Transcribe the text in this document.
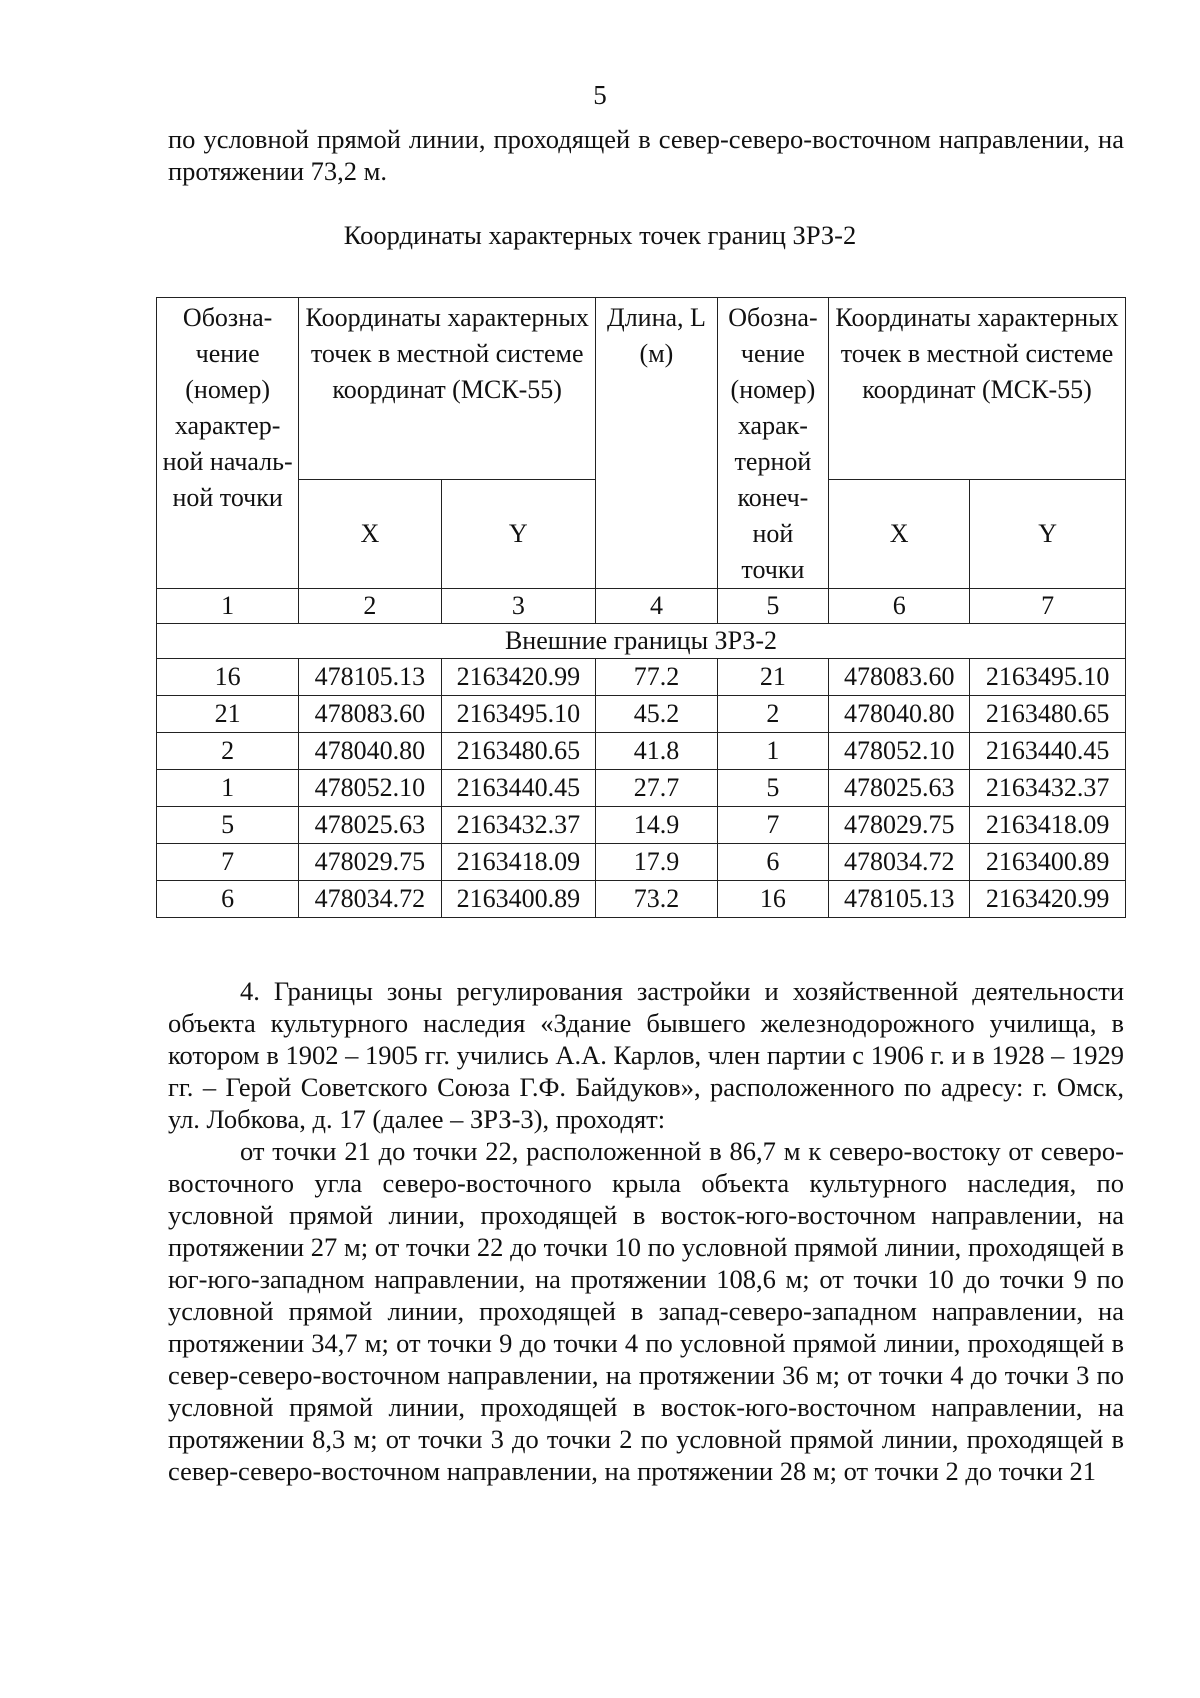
5

по условной прямой линии, проходящей в север-северо-восточном направлении, на протяжении 73,2 м.

Координаты характерных точек границ ЗРЗ-2
Обозна-чение (номер) характер-ной началь-ной точки	Координаты характерных точек в местной системе координат (МСК-55)		Длина, L (м)	Обозна-чение (номер) харак-терной конеч-ной точки	Координаты характерных точек в местной системе координат (МСК-55)	
	X	Y			X	Y
1	2	3	4	5	6	7
Внешние границы ЗРЗ-2						
16	478105.13	2163420.99	77.2	21	478083.60	2163495.10
21	478083.60	2163495.10	45.2	2	478040.80	2163480.65
2	478040.80	2163480.65	41.8	1	478052.10	2163440.45
1	478052.10	2163440.45	27.7	5	478025.63	2163432.37
5	478025.63	2163432.37	14.9	7	478029.75	2163418.09
7	478029.75	2163418.09	17.9	6	478034.72	2163400.89
6	478034.72	2163400.89	73.2	16	478105.13	2163420.99
4. Границы зоны регулирования застройки и хозяйственной деятельности объекта культурного наследия «Здание бывшего железнодорожного училища, в котором в 1902 – 1905 гг. учились А.А. Карлов, член партии с 1906 г. и в 1928 – 1929 гг. – Герой Советского Союза Г.Ф. Байдуков», расположенного по адресу: г. Омск, ул. Лобкова, д. 17 (далее – ЗРЗ-3), проходят:
от точки 21 до точки 22, расположенной в 86,7 м к северо-востоку от северо-восточного угла северо-восточного крыла объекта культурного наследия, по условной прямой линии, проходящей в восток-юго-восточном направлении, на протяжении 27 м; от точки 22 до точки 10 по условной прямой линии, проходящей в юг-юго-западном направлении, на протяжении 108,6 м; от точки 10 до точки 9 по условной прямой линии, проходящей в запад-северо-западном направлении, на протяжении 34,7 м; от точки 9 до точки 4 по условной прямой линии, проходящей в север-северо-восточном направлении, на протяжении 36 м; от точки 4 до точки 3 по условной прямой линии, проходящей в восток-юго-восточном направлении, на протяжении 8,3 м; от точки 3 до точки 2 по условной прямой линии, проходящей в север-северо-восточном направлении, на протяжении 28 м; от точки 2 до точки 21
